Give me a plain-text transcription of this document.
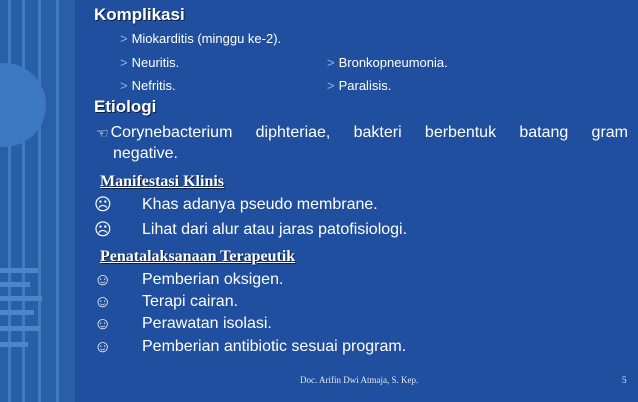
Komplikasi
> Miokarditis (minggu ke-2).
> Neuritis.
> Nefritis.
> Bronkopneumonia.
> Paralisis.
Etiologi
☜ Corynebacterium diphteriae, bakteri berbentuk batang gram
negative.
Manifestasi Klinis
☹	Khas adanya pseudo membrane.
☹	Lihat dari alur atau jaras patofisiologi.
Penatalaksanaan Terapeutik
☺	Pemberian oksigen.
☺	Terapi cairan.
☺	Perawatan isolasi.
☺	Pemberian antibiotic sesuai program.
Doc. Arifin Dwi Atmaja, S. Kep.	5
